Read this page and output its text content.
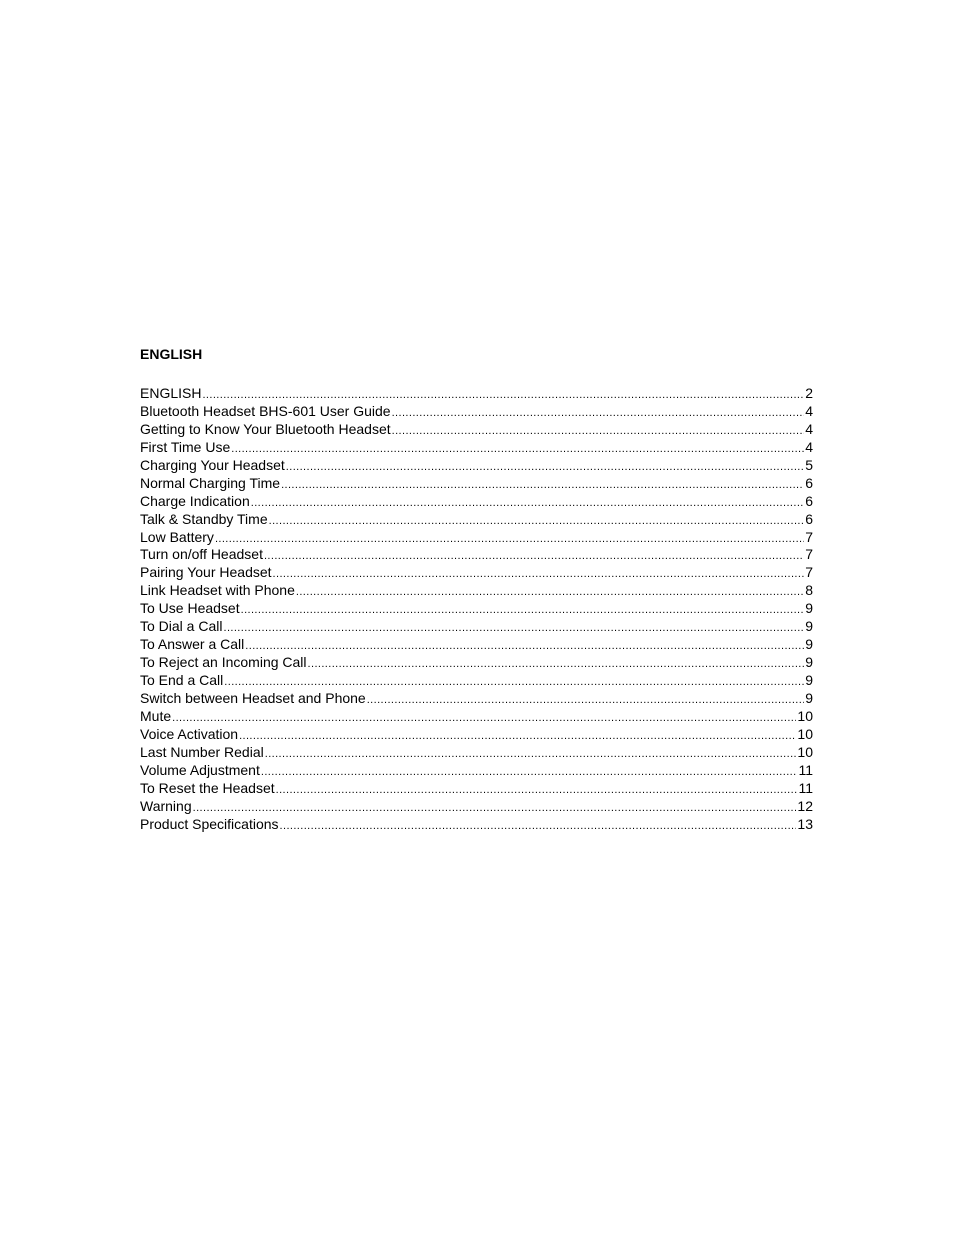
ENGLISH
ENGLISH .....	2
Bluetooth Headset BHS-601 User Guide .....	4
Getting to Know Your Bluetooth Headset .....	4
First Time Use .....	4
Charging Your Headset .....	5
Normal Charging Time .....	6
Charge Indication .....	6
Talk & Standby Time .....	6
Low Battery .....	7
Turn on/off Headset .....	7
Pairing Your Headset .....	7
Link Headset with Phone .....	8
To Use Headset .....	9
To Dial a Call .....	9
To Answer a Call .....	9
To Reject an Incoming Call .....	9
To End a Call .....	9
Switch between Headset and Phone .....	9
Mute .....	10
Voice Activation .....	10
Last Number Redial .....	10
Volume Adjustment .....	11
To Reset the Headset .....	11
Warning .....	12
Product Specifications .....	13
